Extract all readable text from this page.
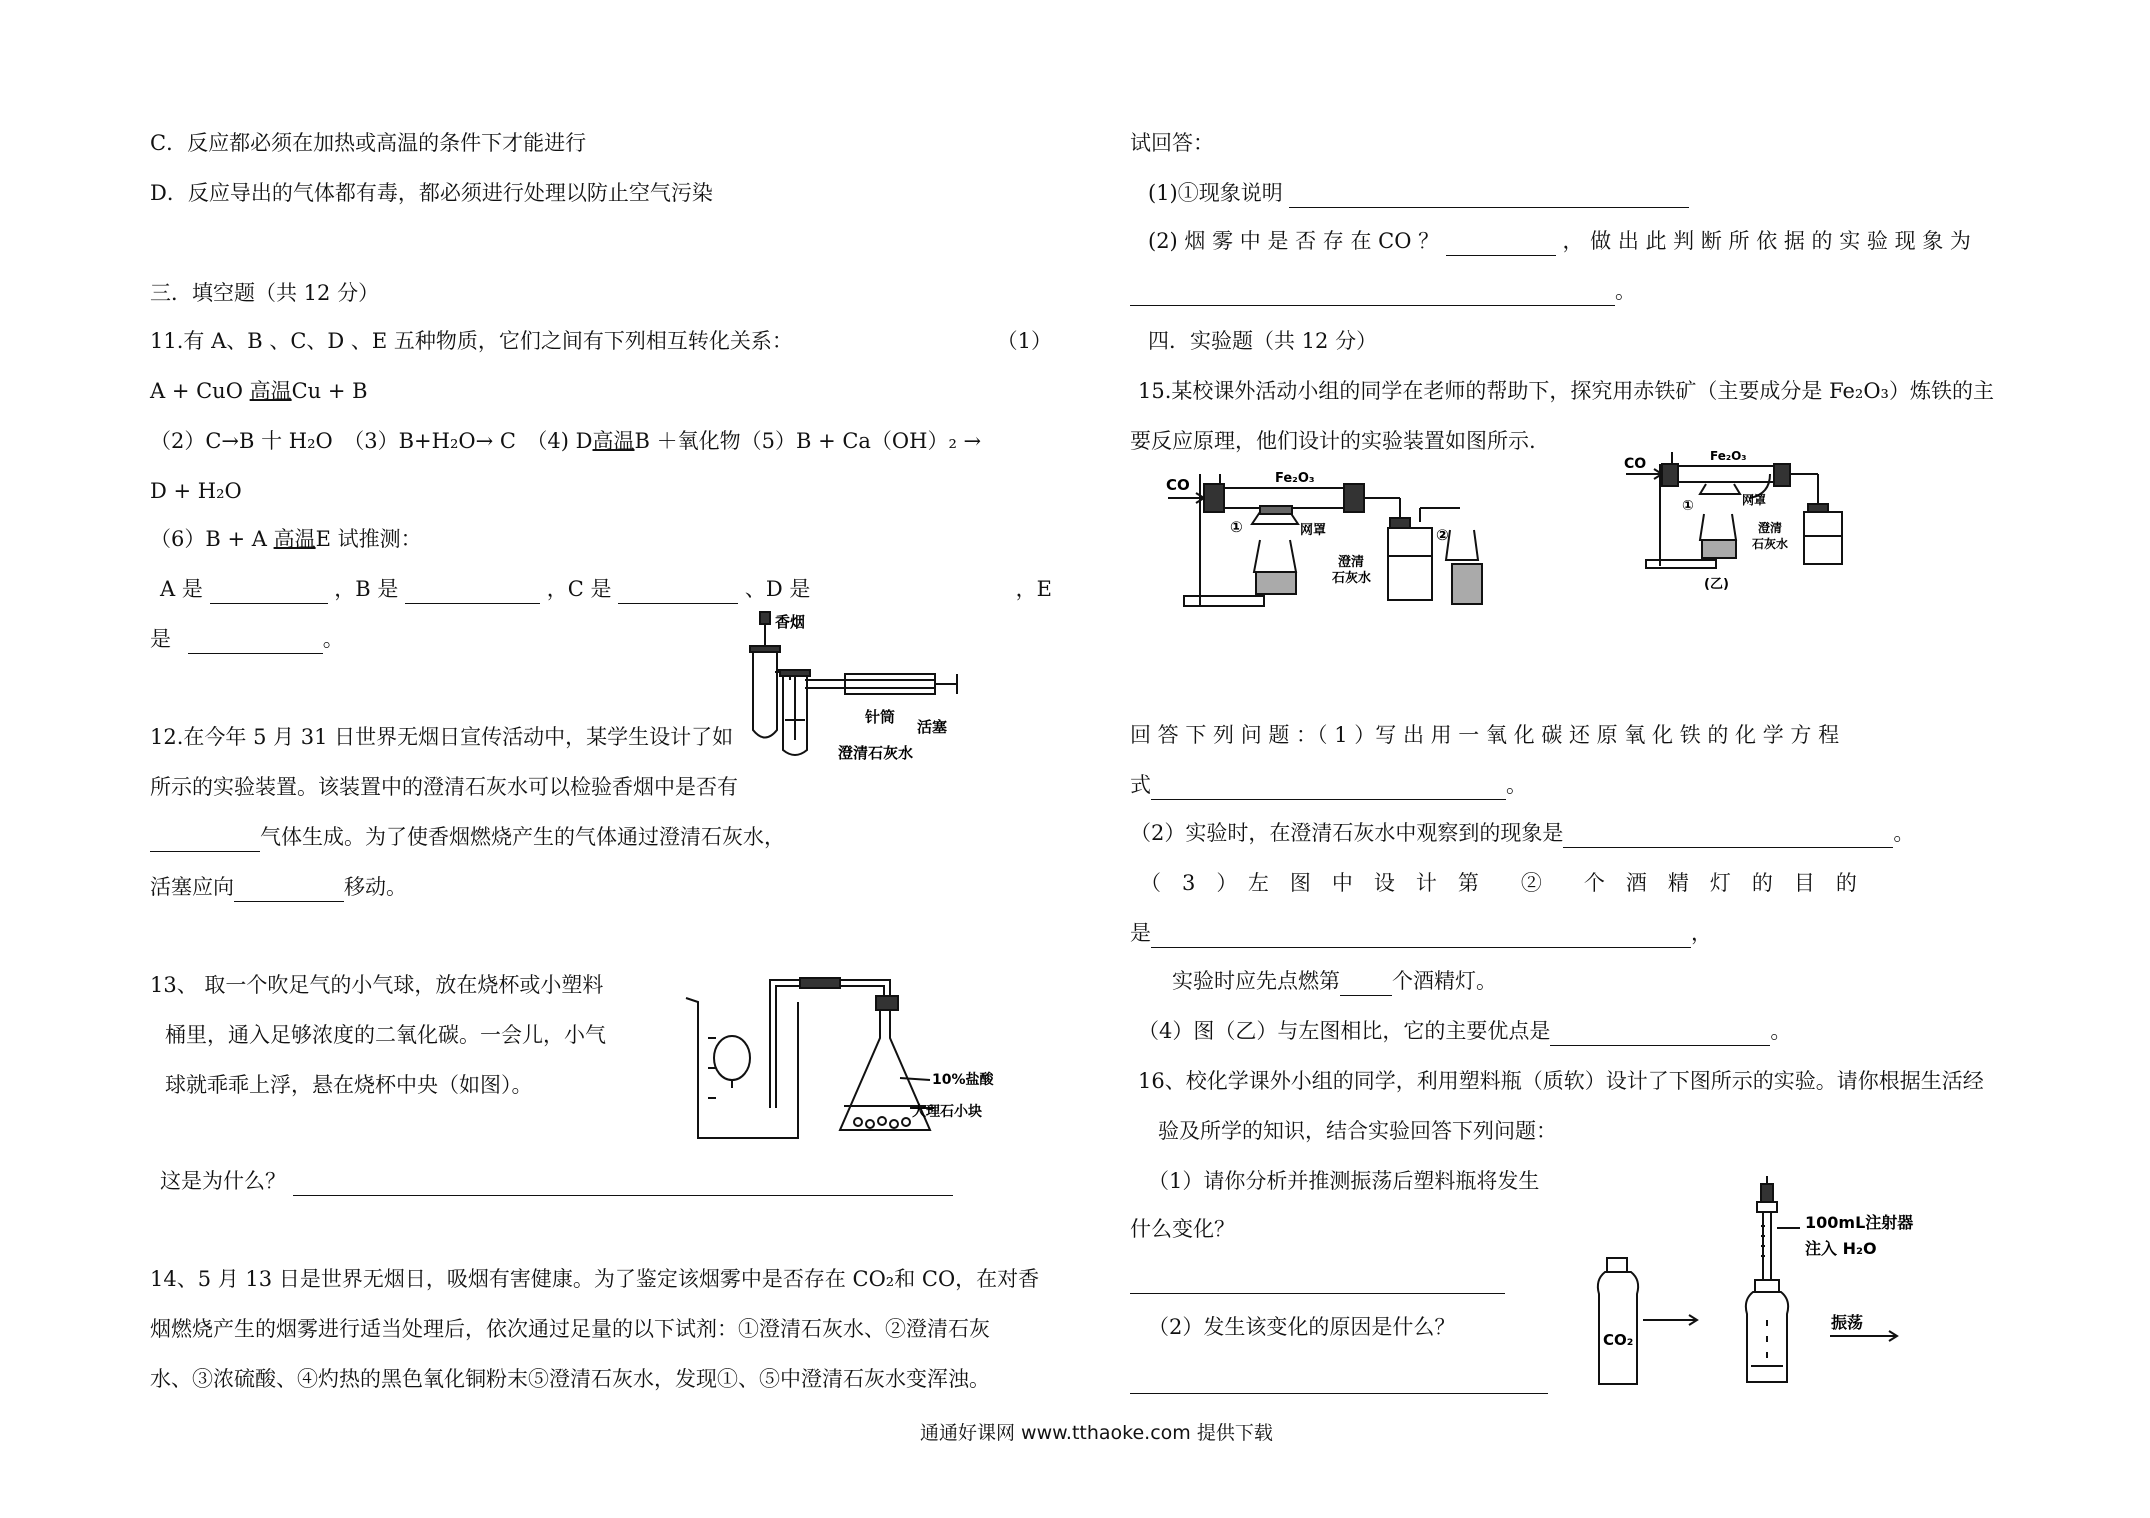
C．反应都必须在加热或高温的条件下才能进行
D．反应导出的气体都有毒，都必须进行处理以防止空气污染
三．填空题（共 12 分）
11.有 A、B 、C、D 、E 五种物质，它们之间有下列相互转化关系：	（1）
A + CuO 高温Cu + B
（2）C→B 十 H₂O　（3）B+H₂O→ C　（4) D高温B ＋氧化物（5）B + Ca（OH）₂ →
D + H₂O
（6）B + A 高温E 试推测：
A 是	，B 是	，C 是	、D 是	，E
是	。
12.在今年 5 月 31 日世界无烟日宣传活动中，某学生设计了如
所示的实验装置。该装置中的澄清石灰水可以检验香烟中是否有
气体生成。为了使香烟燃烧产生的气体通过澄清石灰水，
活塞应向	移动。
13、 取一个吹足气的小气球，放在烧杯或小塑料
桶里，通入足够浓度的二氧化碳。一会儿，小气
球就乖乖上浮，悬在烧杯中央（如图）。
这是为什么？
14、5 月 13 日是世界无烟日，吸烟有害健康。为了鉴定该烟雾中是否存在 CO₂和 CO，在对香
烟燃烧产生的烟雾进行适当处理后，依次通过足量的以下试剂：①澄清石灰水、②澄清石灰
水、③浓硫酸、④灼热的黑色氧化铜粉末⑤澄清石灰水，发现①、⑤中澄清石灰水变浑浊。
香烟
针筒
活塞
澄清石灰水
10%盐酸
大理石小块
试回答：
(1)①现象说明
(2) 烟 雾 中 是 否 存 在 CO ？	， 做 出 此 判 断 所 依 据 的 实 验 现 象 为
。
四．实验题（共 12 分）
15.某校课外活动小组的同学在老师的帮助下，探究用赤铁矿（主要成分是 Fe₂O₃）炼铁的主
要反应原理，他们设计的实验装置如图所示.
CO	Fe₂O₃
①	网罩	②
澄清
石灰水
CO	Fe₂O₃
①	网罩
澄清
石灰水
(乙)
回 答 下 列 问 题 ：（ 1 ）写 出 用 一 氧 化 碳 还 原 氧 化 铁 的 化 学 方 程
式	。
（2）实验时，在澄清石灰水中观察到的现象是	。
（　3　）　左　图　中　设　计　第　　②　　个　酒　精　灯　的　目　的
是	，
实验时应先点燃第 个酒精灯。
（4）图（乙）与左图相比，它的主要优点是	。
16、校化学课外小组的同学，利用塑料瓶（质软）设计了下图所示的实验。请你根据生活经
验及所学的知识，结合实验回答下列问题：
（1）请你分析并推测振荡后塑料瓶将发生
什么变化？
（2）发生该变化的原因是什么？
CO₂
100mL注射器
注入 H₂O
振荡
通通好课网 www.tthaoke.com 提供下载
